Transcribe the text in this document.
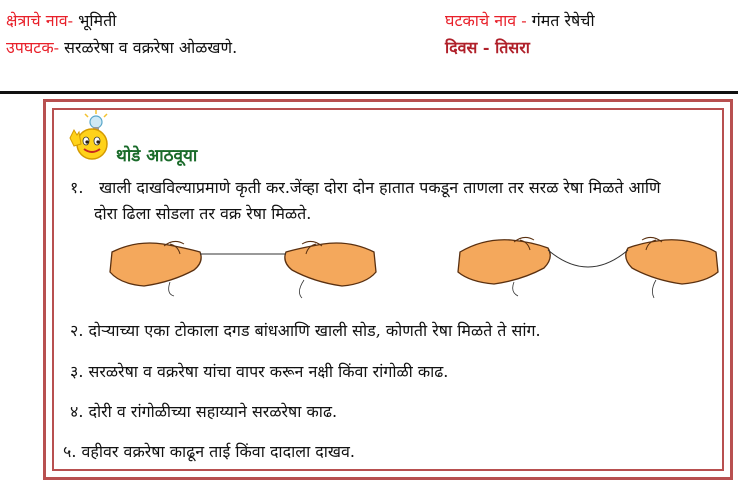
क्षेत्राचे नाव- भूमिती
उपघटक- सरळरेषा व वक्ररेषा ओळखणे.
घटकाचे नाव - गंमत रेषेची
दिवस - तिसरा
थोडे आठवूया
१. खाली दाखविल्याप्रमाणे कृती कर.जेंव्हा दोरा दोन हातात पकडून ताणला तर सरळ रेषा मिळते आणि
दोरा ढिला सोडला तर वक्र रेषा मिळते.
२. दोऱ्याच्या एका टोकाला दगड बांधआणि खाली सोड, कोणती रेषा मिळते ते सांग.
३. सरळरेषा व वक्ररेषा यांचा वापर करून नक्षी किंवा रांगोळी काढ.
४. दोरी व रांगोळीच्या सहाय्याने सरळरेषा काढ.
५. वहीवर वक्ररेषा काढून ताई किंवा दादाला दाखव.
